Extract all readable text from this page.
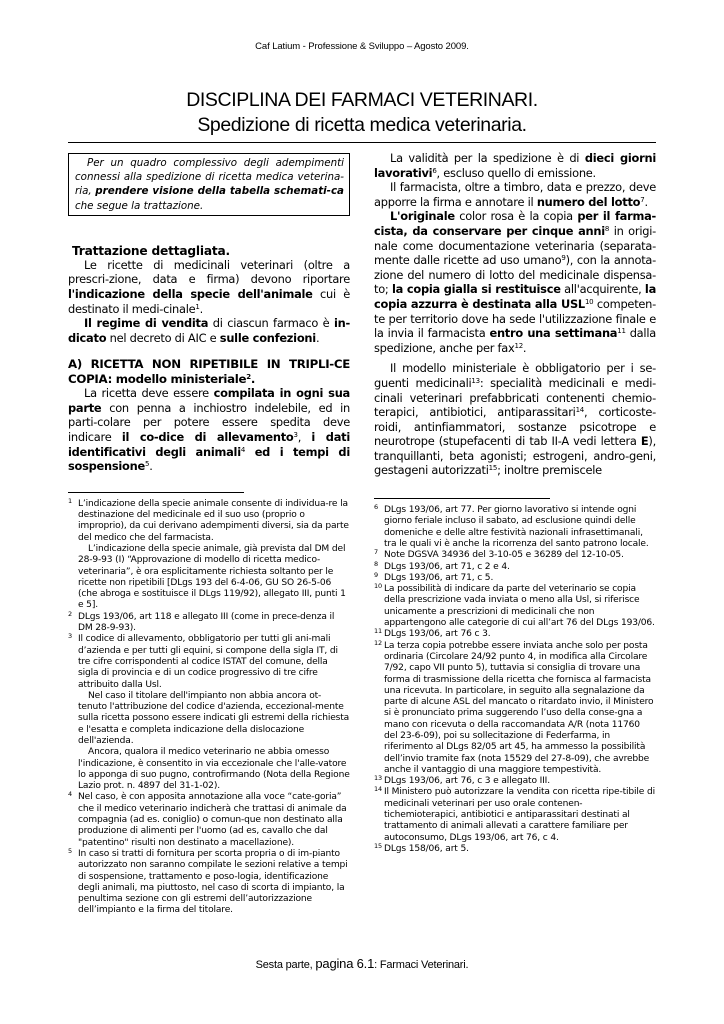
Caf Latium - Professione & Sviluppo – Agosto 2009.
DISCIPLINA DEI FARMACI VETERINARI.
Spedizione di ricetta medica veterinaria.
Per un quadro complessivo degli adempimenti connessi alla spedizione di ricetta medica veterina-ria, prendere visione della tabella schemati-ca che segue la trattazione.
Trattazione dettagliata.

Le ricette di medicinali veterinari (oltre a prescri-zione, data e firma) devono riportare l'indicazione della specie dell'animale cui è destinato il medi-cinale$^1$.

Il regime di vendita di ciascun farmaco è in-dicato nel decreto di AIC e sulle confezioni.

A) RICETTA NON RIPETIBILE IN TRIPLI-CE COPIA: modello ministeriale$^2$.

La ricetta deve essere compilata in ogni sua parte con penna a inchiostro indelebile, ed in parti-colare per potere essere spedita deve indicare il co-dice di allevamento$^3$, i dati identificativi degli animali$^4$ ed i tempi di sospensione$^5$.

1 L’indicazione della specie animale consente di individua-re la destinazione del medicinale ed il suo uso (proprio o improprio), da cui derivano adempimenti diversi, sia da parte del medico che del farmacista.
L’indicazione della specie animale, già prevista dal DM del 28-9-93 (I) “Approvazione di modello di ricetta medico-veterinaria”, è ora esplicitamente richiesta soltanto per le ricette non ripetibili [DLgs 193 del 6-4-06, GU SO 26-5-06 (che abroga e sostituisce il DLgs 119/92), allegato III, punti 1 e 5].

2 DLgs 193/06, art 118 e allegato III (come in prece-denza il DM 28-9-93).

3 Il codice di allevamento, obbligatorio per tutti gli ani-mali d’azienda e per tutti gli equini, si compone della sigla IT, di tre cifre corrispondenti al codice ISTAT del comune, della sigla di provincia e di un codice progressivo di tre cifre attribuito dalla Usl.
Nel caso il titolare dell'impianto non abbia ancora ot-tenuto l'attribuzione del codice d'azienda, eccezional-mente sulla ricetta possono essere indicati gli estremi della richiesta e l'esatta e completa indicazione della dislocazione dell'azienda.
Ancora, qualora il medico veterinario ne abbia omesso l'indicazione, è consentito in via eccezionale che l'alle-vatore lo apponga di suo pugno, controfirmando (Nota della Regione Lazio prot. n. 4897 del 31-1-02).

4 Nel caso, è con apposita annotazione alla voce “cate-goria” che il medico veterinario indicherà che trattasi di animale da compagnia (ad es. coniglio) o comun-que non destinato alla produzione di alimenti per l'uomo (ad es, cavallo che dal "patentino" risulti non destinato a macellazione).

5 In caso si tratti di fornitura per scorta propria o di im-pianto autorizzato non saranno compilate le sezioni relative a tempi di sospensione, trattamento e poso-logia, identificazione degli animali, ma piuttosto, nel caso di scorta di impianto, la penultima sezione con gli estremi dell’autorizzazione dell’impianto e la firma del titolare.

La validità per la spedizione è di dieci giorni lavorativi$^6$, escluso quello di emissione.

Il farmacista, oltre a timbro, data e prezzo, deve apporre la firma e annotare il numero del lotto$^7$.

L'originale color rosa è la copia per il farma-cista, da conservare per cinque anni$^8$ in origi-nale come documentazione veterinaria (separata-mente dalle ricette ad uso umano$^9$), con la annota-zione del numero di lotto del medicinale dispensa-to; la copia gialla si restituisce all'acquirente, la copia azzurra è destinata alla USL$^{10}$ competen-te per territorio dove ha sede l'utilizzazione finale e la invia il farmacista entro una settimana$^{11}$ dalla spedizione, anche per fax$^{12}$.

Il modello ministeriale è obbligatorio per i se-guenti medicinali$^{13}$: specialità medicinali e medi-cinali veterinari prefabbricati contenenti chemio-terapici, antibiotici, antiparassitari$^{14}$, corticoste-roidi, antinfiammatori, sostanze psicotrope e neurotrope (stupefacenti di tab II-A vedi lettera E), tranquillanti, beta agonisti; estrogeni, andro-geni, gestageni autorizzati$^{15}$; inoltre premiscele

6 DLgs 193/06, art 77. Per giorno lavorativo si intende ogni giorno feriale incluso il sabato, ad esclusione quindi delle domeniche e delle altre festività nazionali infrasettimanali, tra le quali vi è anche la ricorrenza del santo patrono locale.

7 Note DGSVA 34936 del 3-10-05 e 36289 del 12-10-05.

8 DLgs 193/06, art 71, c 2 e 4.

9 DLgs 193/06, art 71, c 5.

10 La possibilità di indicare da parte del veterinario se copia della prescrizione vada inviata o meno alla Usl, si riferisce unicamente a prescrizioni di medicinali che non appartengono alle categorie di cui all’art 76 del DLgs 193/06.

11 DLgs 193/06, art 76 c 3.

12 La terza copia potrebbe essere inviata anche solo per posta ordinaria (Circolare 24/92 punto 4, in modifica alla Circolare 7/92, capo VII punto 5), tuttavia si consiglia di trovare una forma di trasmissione della ricetta che fornisca al farmacista una ricevuta. In particolare, in seguito alla segnalazione da parte di alcune ASL del mancato o ritardato invio, il Ministero si è pronunciato prima suggerendo l’uso della conse-gna a mano con ricevuta o della raccomandata A/R (nota 11760 del 23-6-09), poi su sollecitazione di Federfarma, in riferimento al DLgs 82/05 art 45, ha ammesso la possibilità dell’invio tramite fax (nota 15529 del 27-8-09), che avrebbe anche il vantaggio di una maggiore tempestività.

13 DLgs 193/06, art 76, c 3 e allegato III.

14 Il Ministero può autorizzare la vendita con ricetta ripe-tibile di medicinali veterinari per uso orale contenen-tichemioterapici, antibiotici e antiparassitari destinati al trattamento di animali allevati a carattere familiare per autoconsumo, DLgs 193/06, art 76, c 4.

15 DLgs 158/06, art 5.

Sesta parte, pagina 6.1: Farmaci Veterinari.
